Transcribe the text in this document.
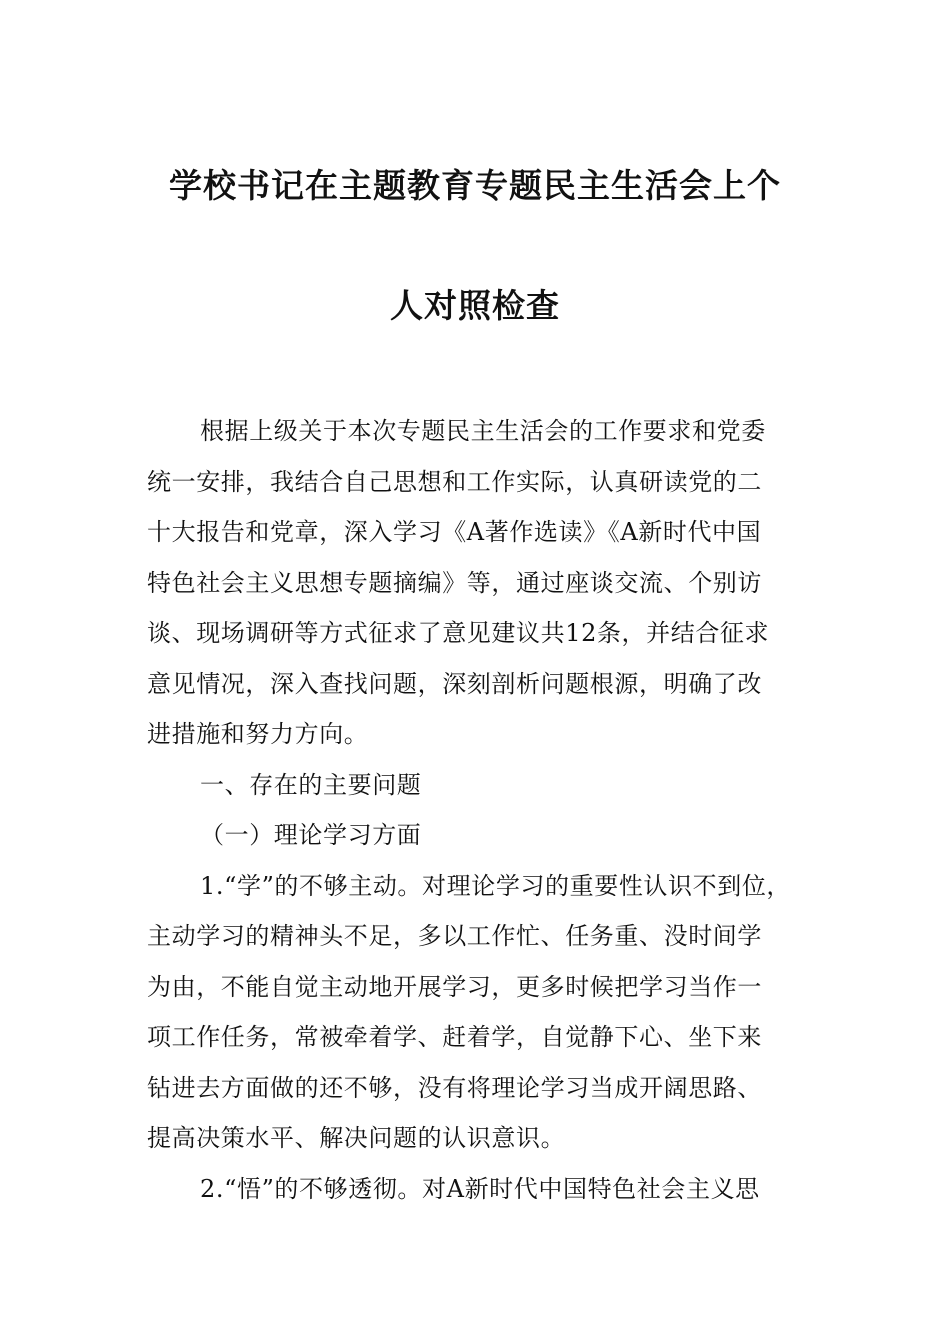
学校书记在主题教育专题民主生活会上个
人对照检查
根据上级关于本次专题民主生活会的工作要求和党委
统一安排，我结合自己思想和工作实际，认真研读党的二
十大报告和党章，深入学习《A著作选读》《A新时代中国
特色社会主义思想专题摘编》等，通过座谈交流、个别访
谈、现场调研等方式征求了意见建议共12条，并结合征求
意见情况，深入查找问题，深刻剖析问题根源，明确了改
进措施和努力方向。
一、存在的主要问题
（一）理论学习方面
1.“学”的不够主动。对理论学习的重要性认识不到位，
主动学习的精神头不足，多以工作忙、任务重、没时间学
为由，不能自觉主动地开展学习，更多时候把学习当作一
项工作任务，常被牵着学、赶着学，自觉静下心、坐下来
钻进去方面做的还不够，没有将理论学习当成开阔思路、
提高决策水平、解决问题的认识意识。
2.“悟”的不够透彻。对A新时代中国特色社会主义思
